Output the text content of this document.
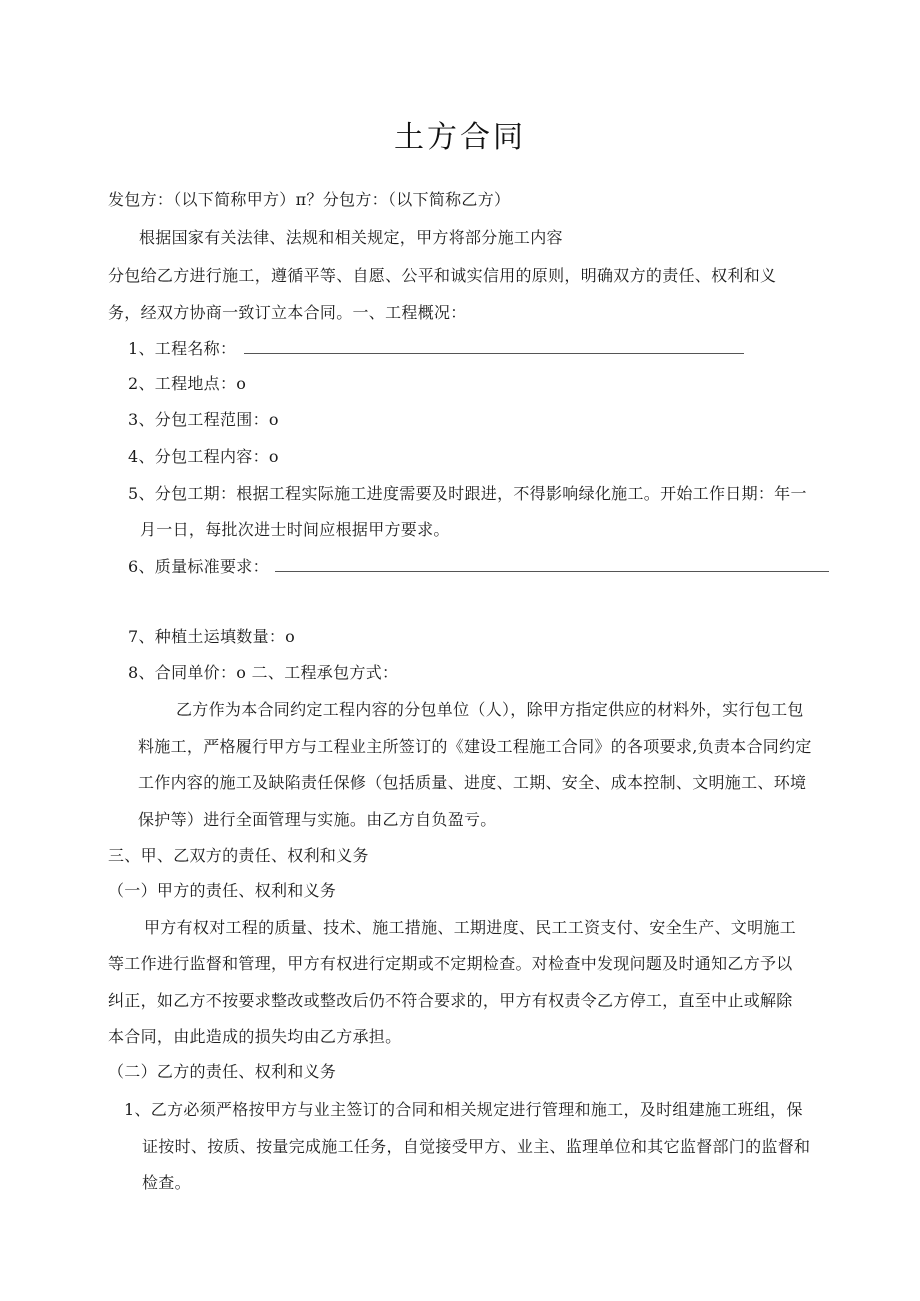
土方合同
发包方：（以下简称甲方）π？分包方：（以下简称乙方）
根据国家有关法律、法规和相关规定，甲方将部分施工内容
分包给乙方进行施工，遵循平等、自愿、公平和诚实信用的原则，明确双方的责任、权利和义
务，经双方协商一致订立本合同。一、工程概况：
1、工程名称：
2、工程地点：o
3、分包工程范围：o
4、分包工程内容：o
5、分包工期：根据工程实际施工进度需要及时跟进，不得影响绿化施工。开始工作日期：年一
月一日，每批次进士时间应根据甲方要求。
6、质量标准要求：
7、种植土运填数量：o
8、合同单价：o 二、工程承包方式：
乙方作为本合同约定工程内容的分包单位（人），除甲方指定供应的材料外，实行包工包
料施工，严格履行甲方与工程业主所签订的《建设工程施工合同》的各项要求,负责本合同约定
工作内容的施工及缺陷责任保修（包括质量、进度、工期、安全、成本控制、文明施工、环境
保护等）进行全面管理与实施。由乙方自负盈亏。
三、甲、乙双方的责任、权利和义务
（一）甲方的责任、权利和义务
甲方有权对工程的质量、技术、施工措施、工期进度、民工工资支付、安全生产、文明施工
等工作进行监督和管理，甲方有权进行定期或不定期检查。对检查中发现问题及时通知乙方予以
纠正，如乙方不按要求整改或整改后仍不符合要求的，甲方有权责令乙方停工，直至中止或解除
本合同，由此造成的损失均由乙方承担。
（二）乙方的责任、权利和义务
1、乙方必须严格按甲方与业主签订的合同和相关规定进行管理和施工，及时组建施工班组，保
证按时、按质、按量完成施工任务，自觉接受甲方、业主、监理单位和其它监督部门的监督和
检查。
